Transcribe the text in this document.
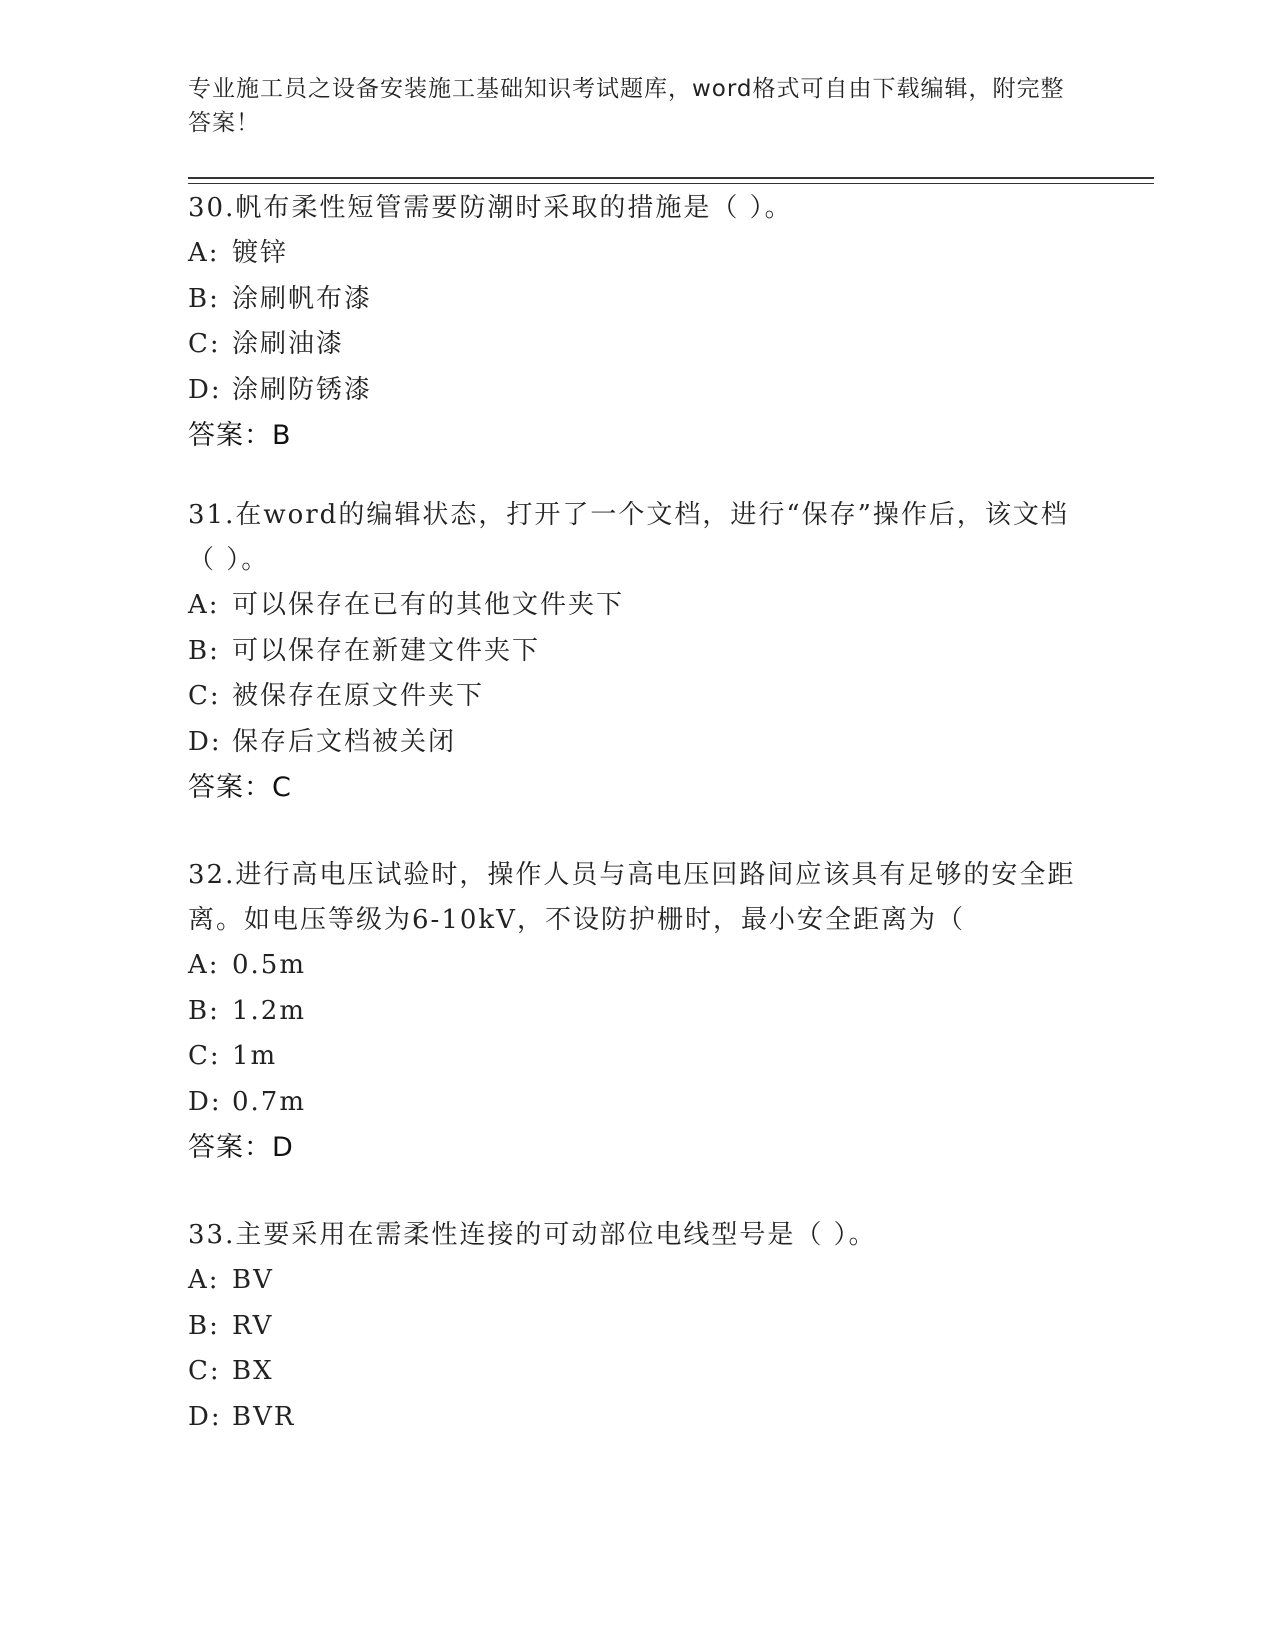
专业施工员之设备安装施工基础知识考试题库，word格式可自由下载编辑，附完整答案！

30.帆布柔性短管需要防潮时采取的措施是（ ）。

A: 镀锌

B: 涂刷帆布漆

C: 涂刷油漆

D: 涂刷防锈漆

答案：B

31.在word的编辑状态，打开了一个文档，进行“保存”操作后，该文档（ ）。

A: 可以保存在已有的其他文件夹下

B: 可以保存在新建文件夹下

C: 被保存在原文件夹下

D: 保存后文档被关闭

答案：C

32.进行高电压试验时，操作人员与高电压回路间应该具有足够的安全距离。如电压等级为6-10kV，不设防护栅时，最小安全距离为（

A: 0.5m

B: 1.2m

C: 1m

D: 0.7m

答案：D

33.主要采用在需柔性连接的可动部位电线型号是（ ）。

A: BV

B: RV

C: BX

D: BVR
